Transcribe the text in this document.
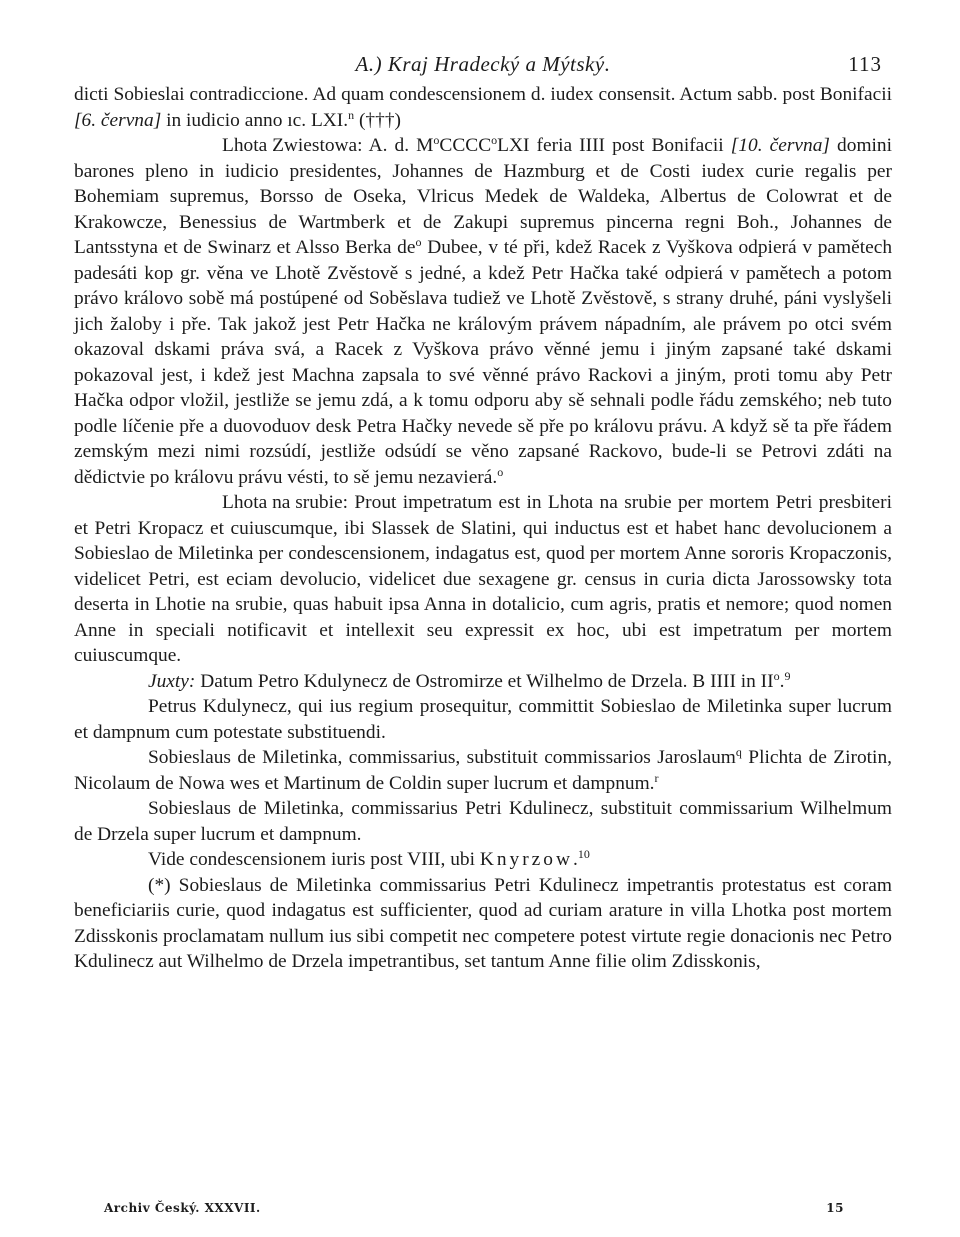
A.) Kraj Hradecký a Mýtský.	113

dicti Sobieslai contradiccione. Ad quam condescensionem d. iudex consensit. Actum sabb. post Bonifacii [6. června] in iudicio anno ıc. LXI.$^n$ (†††)

Lhota Zwiestowa: A. d. $M^oCCCC^oLXI$ feria IIII post Bonifacii [10. června] domini barones pleno in iudicio presidentes, Johannes de Hazmburg et de Costi iudex curie regalis per Bohemiam supremus, Borsso de Oseka, Vlricus Medek de Waldeka, Albertus de Colowrat et de Krakowcze, Benessius de Wartmberk et de Zakupi supremus pincerna regni Boh., Johannes de Lantsstyna et de Swinarz et Alsso Berka $de^o$ Dubee, v té při, kdež Racek z Vyškova odpierá v pamětech padesáti kop gr. věna ve Lhotě Zvěstově s jedné, a kdež Petr Hačka také odpierá v pamětech a potom právo královo sobě má postúpené od Soběslava tudiež ve Lhotě Zvěstově, s strany druhé, páni vyslyšeli jich žaloby i pře. Tak jakož jest Petr Hačka ne královým právem nápadním, ale právem po otci svém okazoval dskami práva svá, a Racek z Vyškova právo věnné jemu i jiným zapsané také dskami pokazoval jest, i kdež jest Machna zapsala to své věnné právo Rackovi a jiným, proti tomu aby Petr Hačka odpor vložil, jestliže se jemu zdá, a k tomu odporu aby sě sehnali podle řádu zemského; neb tuto podle líčenie pře a duovoduov desk Petra Hačky nevede sě pře po královu právu. A když sě ta pře řádem zemským mezi nimi rozsúdí, jestliže odsúdí se věno zapsané Rackovo, bude-li se Petrovi zdáti na dědictvie po královu právu vésti, to sě jemu nezavierá.$^o$

Lhota na srubie: Prout impetratum est in Lhota na srubie per mortem Petri presbiteri et Petri Kropacz et cuiuscumque, ibi Slassek de Slatini, qui inductus est et habet hanc devolucionem a Sobieslao de Miletinka per condescensionem, indagatus est, quod per mortem Anne sororis Kropaczonis, videlicet Petri, est eciam devolucio, videlicet due sexagene gr. census in curia dicta Jarossowsky tota deserta in Lhotie na srubie, quas habuit ipsa Anna in dotalicio, cum agris, pratis et nemore; quod nomen Anne in speciali notificavit et intellexit seu expressit ex hoc, ubi est impetratum per mortem cuiuscumque.

Juxty: Datum Petro Kdulynecz de Ostromirze et Wilhelmo de Drzela. B IIII in $II^o.^9$

Petrus Kdulynecz, qui ius regium prosequitur, committit Sobieslao de Miletinka super lucrum et dampnum cum potestate substituendi.

Sobieslaus de Miletinka, commissarius, substituit commissarios Jaroslaum$^q$ Plichta de Zirotin, Nicolaum de Nowa wes et Martinum de Coldin super lucrum et dampnum.$^r$

Sobieslaus de Miletinka, commissarius Petri Kdulinecz, substituit commissarium Wilhelmum de Drzela super lucrum et dampnum.

Vide condescensionem iuris post VIII, ubi Knyrzow.$^{10}$

(*) Sobieslaus de Miletinka commissarius Petri Kdulinecz impetrantis protestatus est coram beneficiariis curie, quod indagatus est sufficienter, quod ad curiam arature in villa Lhotka post mortem Zdisskonis proclamatam nullum ius sibi competit nec competere potest virtute regie donacionis nec Petro Kdulinecz aut Wilhelmo de Drzela impetrantibus, set tantum Anne filie olim Zdisskonis,

Archiv Český. XXXVII.	15
